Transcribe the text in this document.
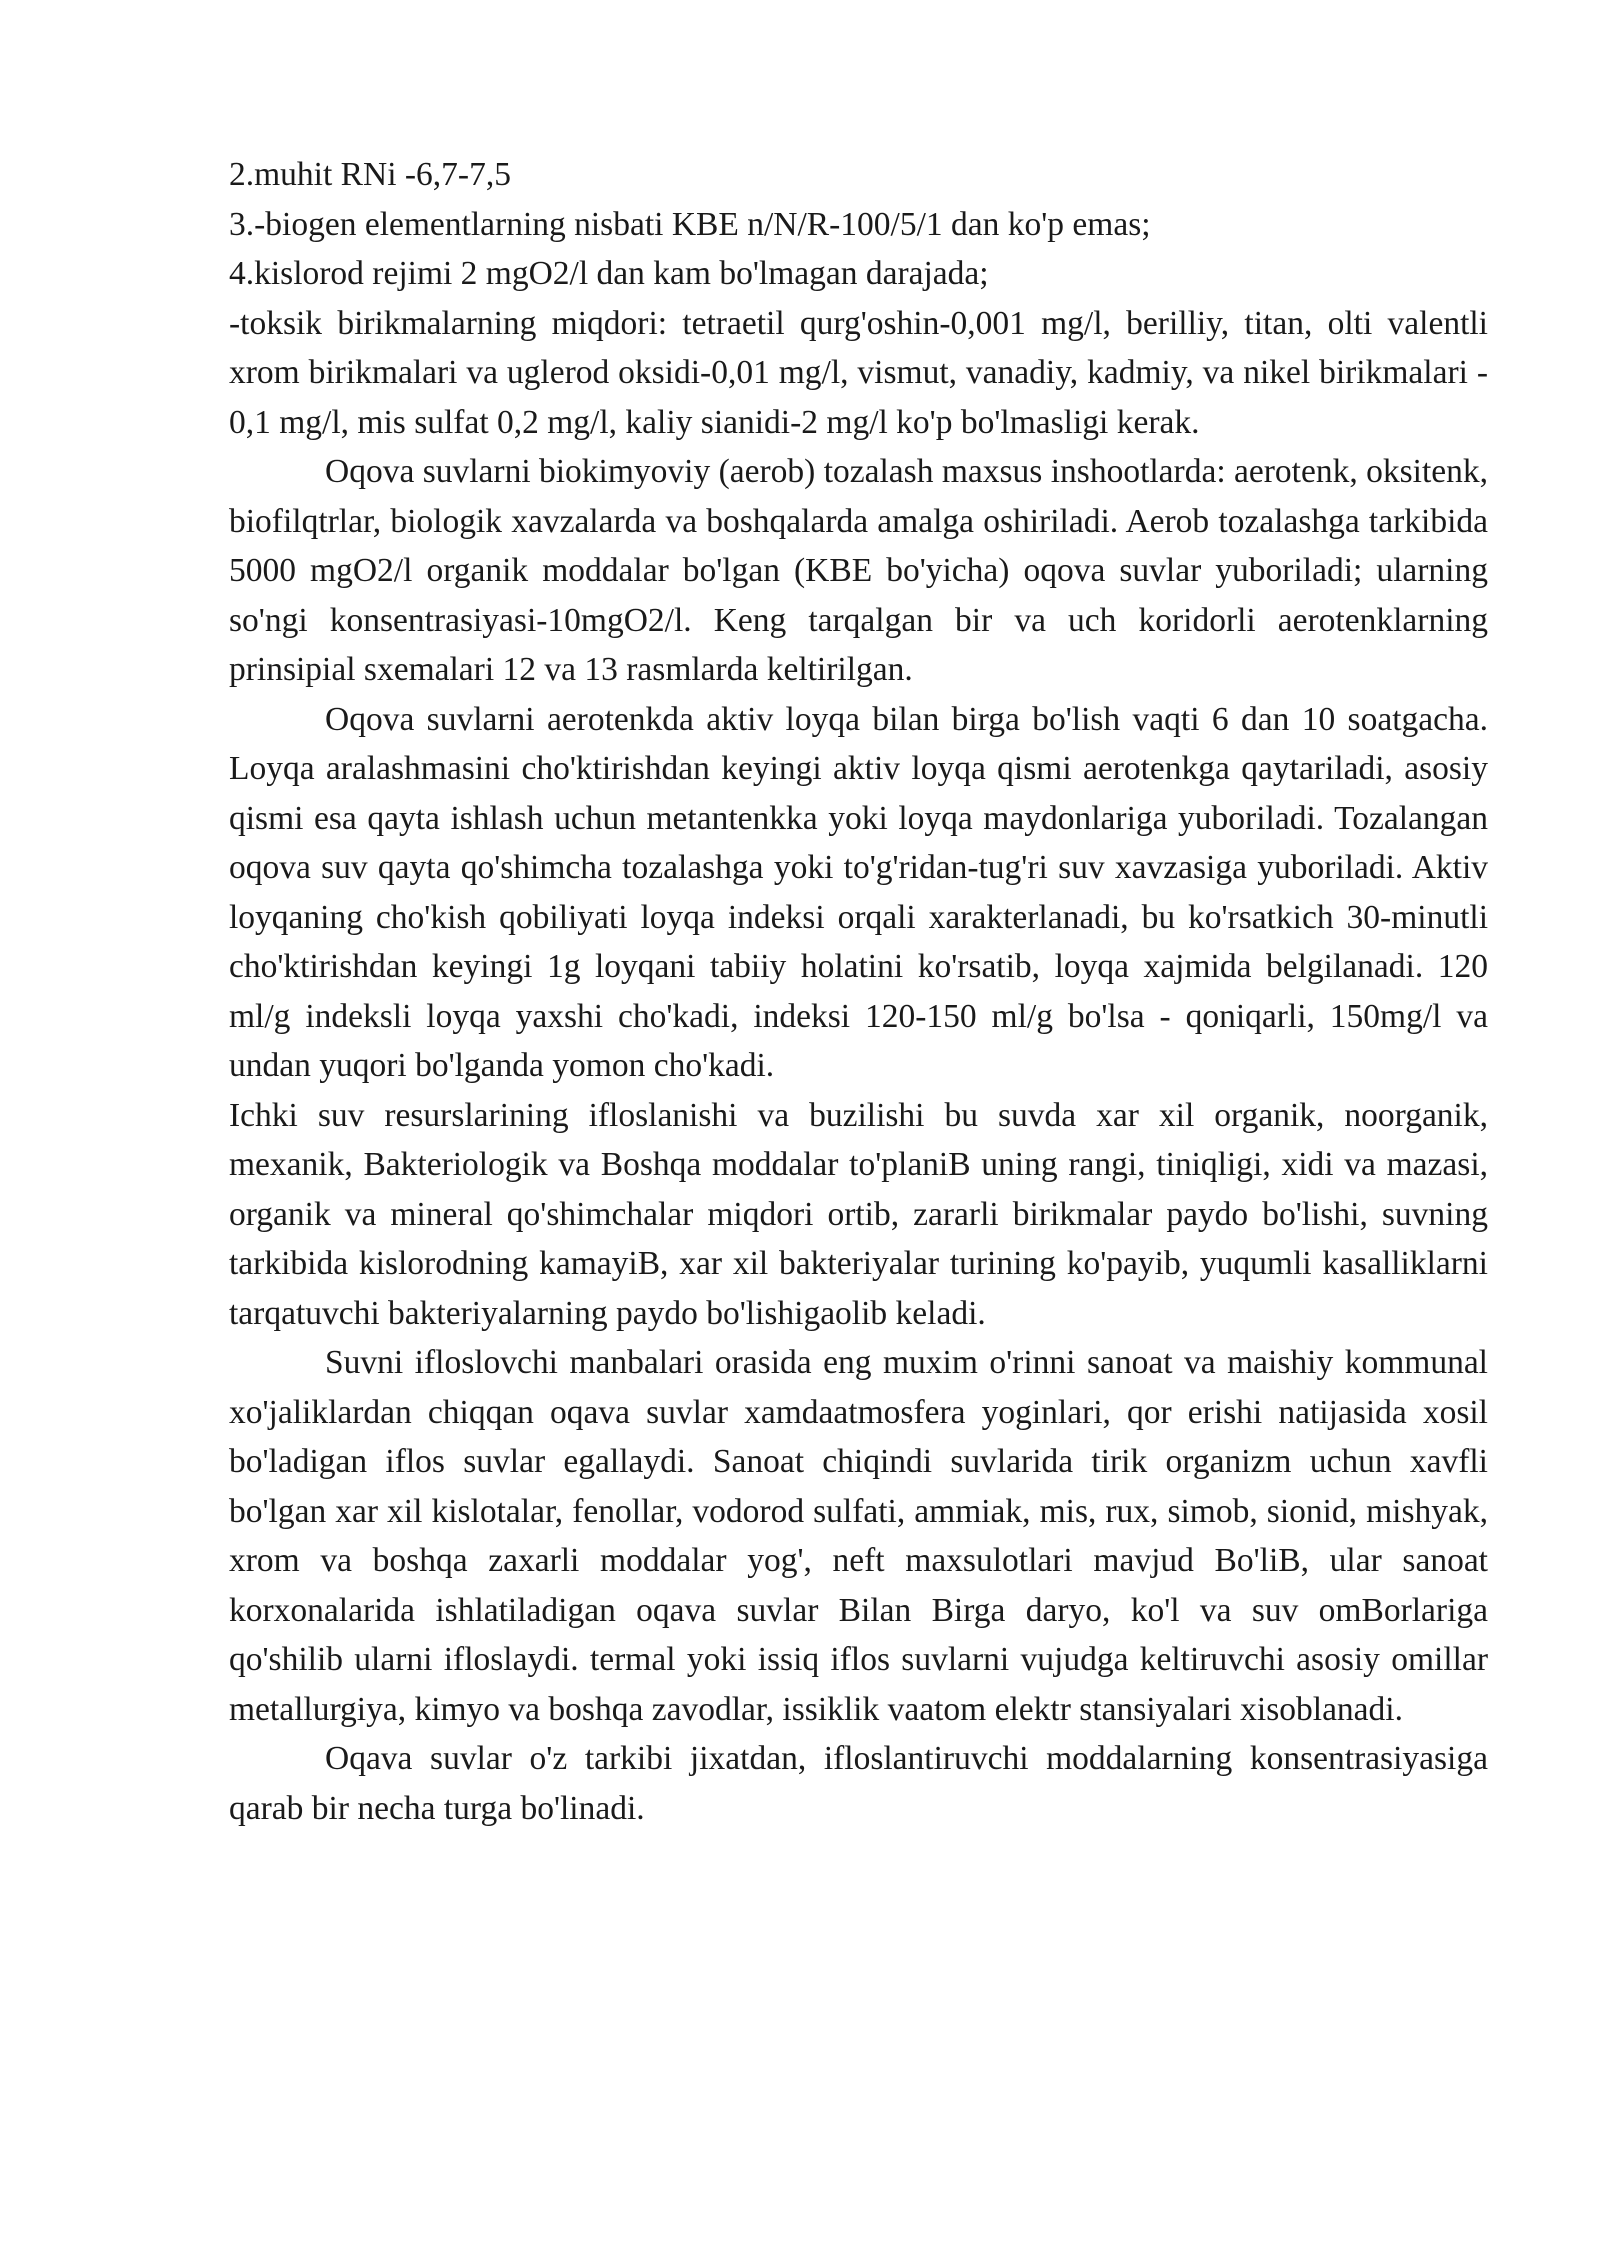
2.muhit RNi -6,7-7,5

3.-biogen elementlarning nisbati KBE n/N/R-100/5/1 dan ko'p emas;

4.kislorod rejimi 2 mgO2/l dan kam bo'lmagan darajada;

-toksik birikmalarning miqdori: tetraetil qurg'oshin-0,001 mg/l, berilliy, titan, olti valentli xrom birikmalari va uglerod oksidi-0,01 mg/l, vismut, vanadiy, kadmiy, va nikel birikmalari - 0,1 mg/l, mis sulfat 0,2 mg/l, kaliy sianidi-2 mg/l ko'p bo'lmasligi kerak.

Oqova suvlarni biokimyoviy (aerob) tozalash maxsus inshootlarda: aerotenk, oksitenk, biofilqtrlar, biologik xavzalarda va boshqalarda amalga oshiriladi. Aerob tozalashga tarkibida 5000 mgO2/l organik moddalar bo'lgan (KBE bo'yicha) oqova suvlar yuboriladi; ularning so'ngi konsentrasiyasi-10mgO2/l. Keng tarqalgan bir va uch koridorli aerotenklarning prinsipial sxemalari 12 va 13 rasmlarda keltirilgan.

Oqova suvlarni aerotenkda aktiv loyqa bilan birga bo'lish vaqti 6 dan 10 soatgacha. Loyqa aralashmasini cho'ktirishdan keyingi aktiv loyqa qismi aerotenkga qaytariladi, asosiy qismi esa qayta ishlash uchun metantenkka yoki loyqa maydonlariga yuboriladi. Tozalangan oqova suv qayta qo'shimcha tozalashga yoki to'g'ridan-tug'ri suv xavzasiga yuboriladi. Aktiv loyqaning cho'kish qobiliyati loyqa indeksi orqali xarakterlanadi, bu ko'rsatkich 30-minutli cho'ktirishdan keyingi 1g loyqani tabiiy holatini ko'rsatib, loyqa xajmida belgilanadi. 120 ml/g indeksli loyqa yaxshi cho'kadi, indeksi 120-150 ml/g bo'lsa - qoniqarli, 150mg/l va undan yuqori bo'lganda yomon cho'kadi.

Ichki suv resurslarining ifloslanishi va buzilishi bu suvda xar xil organik, noorganik, mexanik, Bakteriologik va Boshqa moddalar to'planiB uning rangi, tiniqligi, xidi va mazasi, organik va mineral qo'shimchalar miqdori ortib, zararli birikmalar paydo bo'lishi, suvning tarkibida kislorodning kamayiB, xar xil bakteriyalar turining ko'payib, yuqumli kasalliklarni tarqatuvchi bakteriyalarning paydo bo'lishigaolib keladi.

Suvni ifloslovchi manbalari orasida eng muxim o'rinni sanoat va maishiy kommunal xo'jaliklardan chiqqan oqava suvlar xamdaatmosfera yoginlari, qor erishi natijasida xosil bo'ladigan iflos suvlar egallaydi. Sanoat chiqindi suvlarida tirik organizm uchun xavfli bo'lgan xar xil kislotalar, fenollar, vodorod sulfati, ammiak, mis, rux, simob, sionid, mishyak, xrom va boshqa zaxarli moddalar yog', neft maxsulotlari mavjud Bo'liB, ular sanoat korxonalarida ishlatiladigan oqava suvlar Bilan Birga daryo, ko'l va suv omBorlariga qo'shilib ularni ifloslaydi. termal yoki issiq iflos suvlarni vujudga keltiruvchi asosiy omillar metallurgiya, kimyo va boshqa zavodlar, issiklik vaatom elektr stansiyalari xisoblanadi.

Oqava suvlar o'z tarkibi jixatdan, ifloslantiruvchi moddalarning konsentrasiyasiga qarab bir necha turga bo'linadi.
